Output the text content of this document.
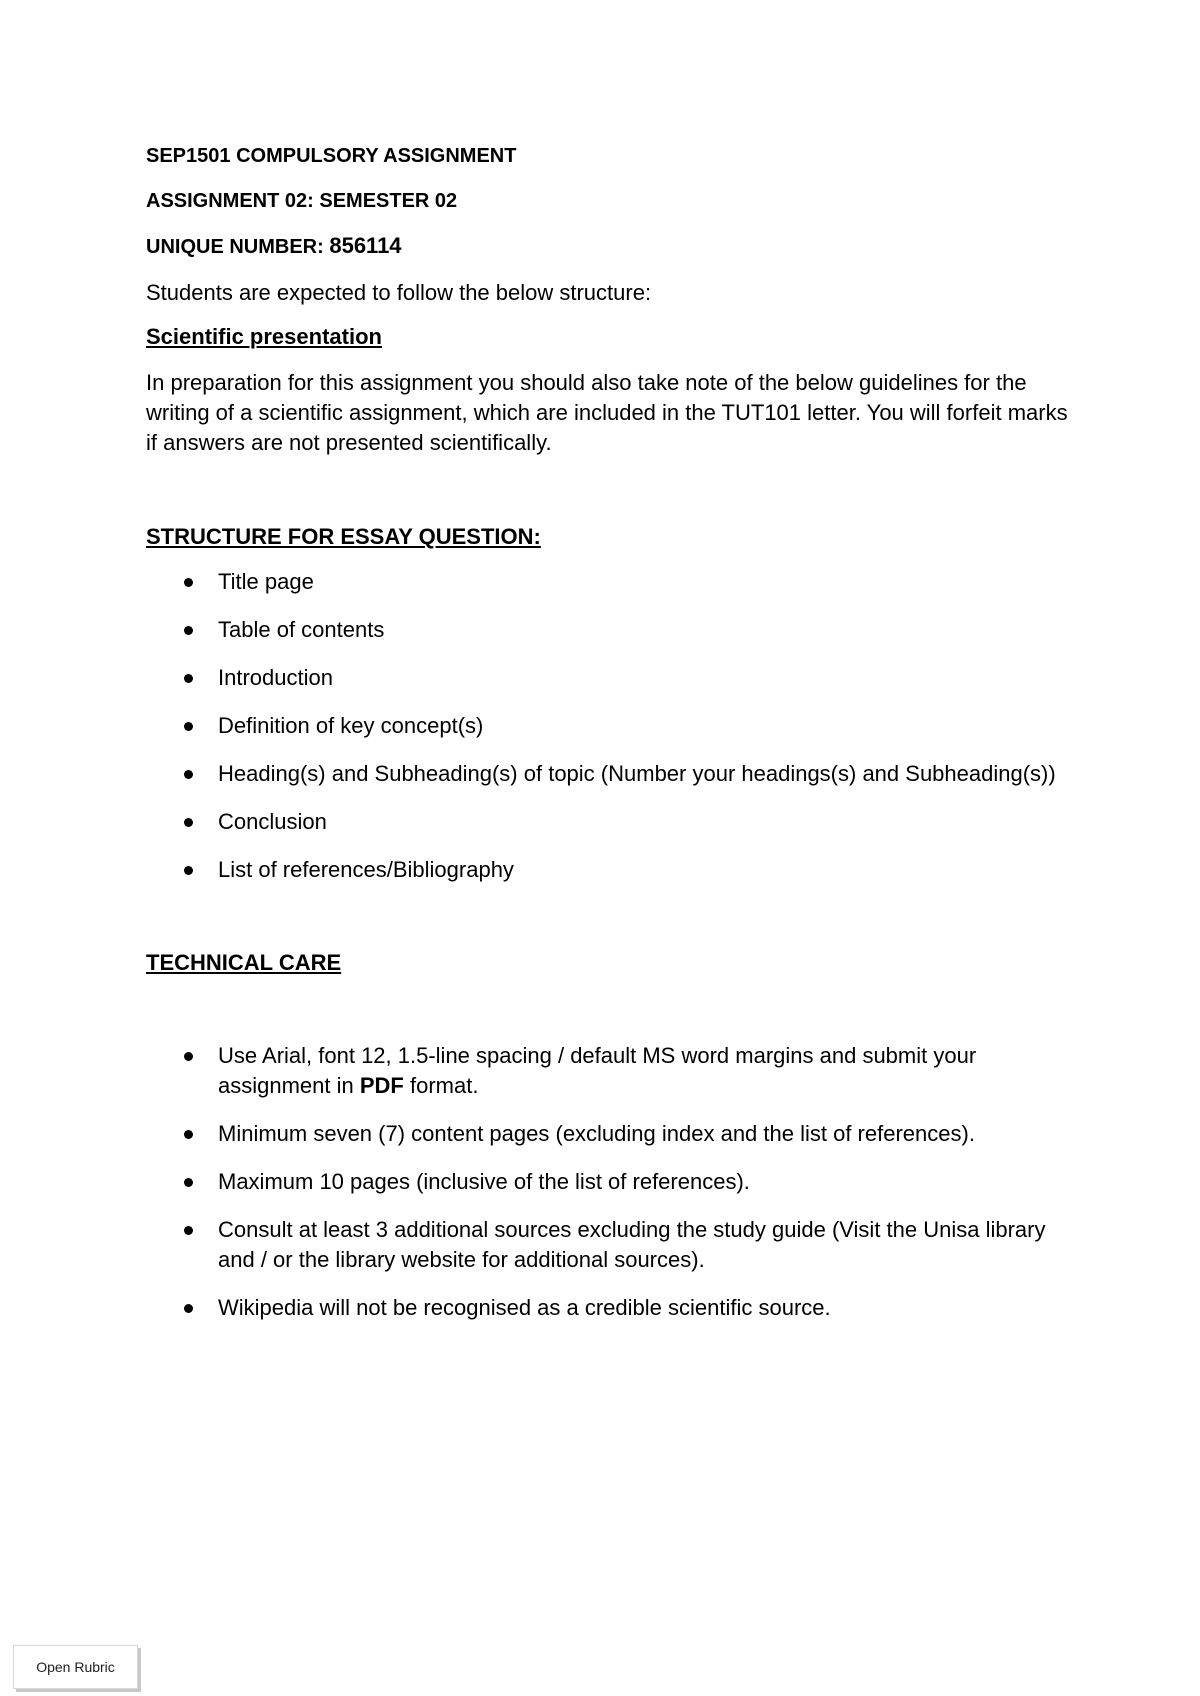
SEP1501 COMPULSORY ASSIGNMENT
ASSIGNMENT 02: SEMESTER 02
UNIQUE NUMBER: 856114

Students are expected to follow the below structure:

Scientific presentation

In preparation for this assignment you should also take note of the below guidelines for the writing of a scientific assignment, which are included in the TUT101 letter. You will forfeit marks if answers are not presented scientifically.

STRUCTURE FOR ESSAY QUESTION:
Title page
Table of contents
Introduction
Definition of key concept(s)
Heading(s) and Subheading(s) of topic (Number your headings(s) and Subheading(s))
Conclusion
List of references/Bibliography
TECHNICAL CARE
Use Arial, font 12, 1.5-line spacing / default MS word margins and submit your assignment in PDF format.
Minimum seven (7) content pages (excluding index and the list of references).
Maximum 10 pages (inclusive of the list of references).
Consult at least 3 additional sources excluding the study guide (Visit the Unisa library and / or the library website for additional sources).
Wikipedia will not be recognised as a credible scientific source.
Open Rubric
